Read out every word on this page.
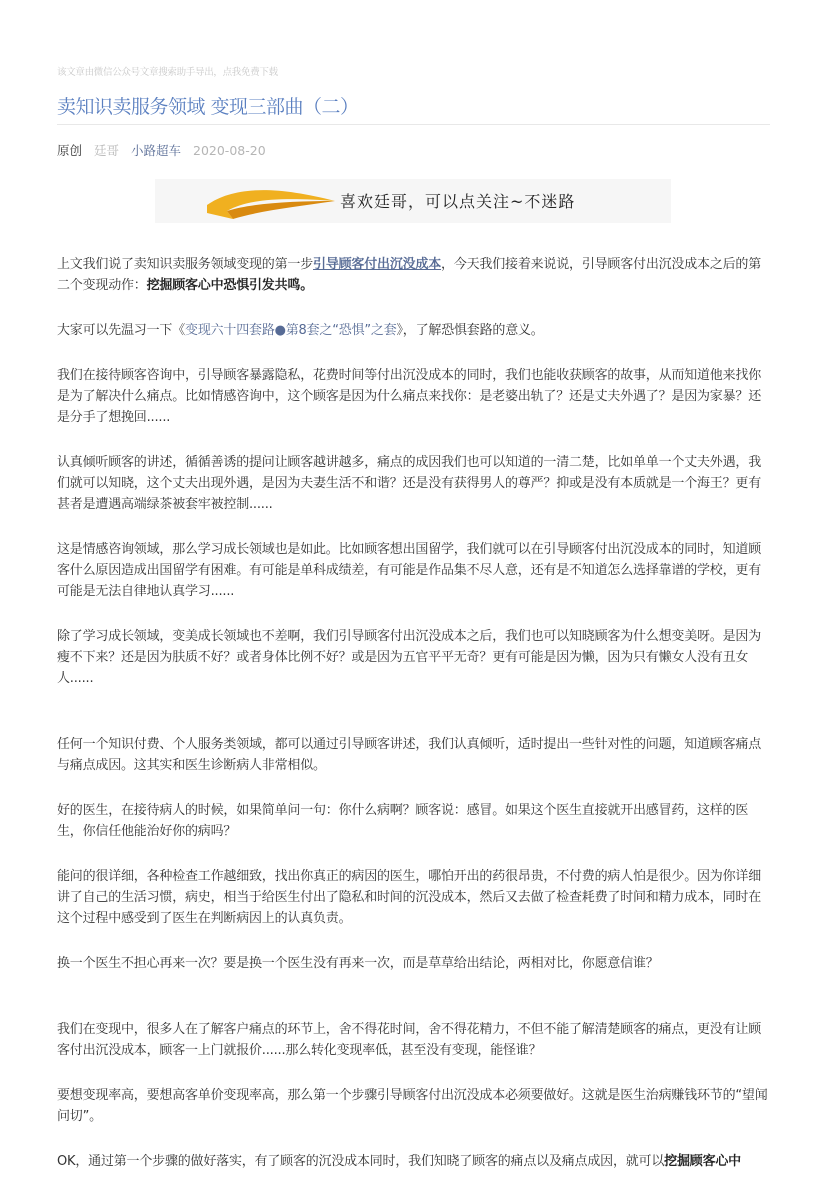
该文章由微信公众号文章搜索助手导出，点我免费下载
卖知识卖服务领域 变现三部曲（二）
原创 廷哥 小路超车 2020-08-20
喜欢廷哥，可以点关注~不迷路

上文我们说了卖知识卖服务领域变现的第一步引导顾客付出沉没成本，今天我们接着来说说，引导顾客付出沉没成本之后的第二个变现动作：挖掘顾客心中恐惧引发共鸣。

大家可以先温习一下《变现六十四套路●第8套之“恐惧”之套》，了解恐惧套路的意义。

我们在接待顾客咨询中，引导顾客暴露隐私，花费时间等付出沉没成本的同时，我们也能收获顾客的故事，从而知道他来找你是为了解决什么痛点。比如情感咨询中，这个顾客是因为什么痛点来找你：是老婆出轨了？还是丈夫外遇了？是因为家暴？还是分手了想挽回......

认真倾听顾客的讲述，循循善诱的提问让顾客越讲越多，痛点的成因我们也可以知道的一清二楚，比如单单一个丈夫外遇，我们就可以知晓，这个丈夫出现外遇，是因为夫妻生活不和谐？还是没有获得男人的尊严？抑或是没有本质就是一个海王？更有甚者是遭遇高端绿茶被套牢被控制......

这是情感咨询领域，那么学习成长领域也是如此。比如顾客想出国留学，我们就可以在引导顾客付出沉没成本的同时，知道顾客什么原因造成出国留学有困难。有可能是单科成绩差，有可能是作品集不尽人意，还有是不知道怎么选择靠谱的学校，更有可能是无法自律地认真学习......

除了学习成长领域，变美成长领域也不差啊，我们引导顾客付出沉没成本之后，我们也可以知晓顾客为什么想变美呀。是因为瘦不下来？还是因为肤质不好？或者身体比例不好？或是因为五官平平无奇？更有可能是因为懒，因为只有懒女人没有丑女人......

任何一个知识付费、个人服务类领域，都可以通过引导顾客讲述，我们认真倾听，适时提出一些针对性的问题，知道顾客痛点与痛点成因。这其实和医生诊断病人非常相似。

好的医生，在接待病人的时候，如果简单问一句：你什么病啊？顾客说：感冒。如果这个医生直接就开出感冒药，这样的医生，你信任他能治好你的病吗？

能问的很详细，各种检查工作越细致，找出你真正的病因的医生，哪怕开出的药很昂贵，不付费的病人怕是很少。因为你详细讲了自己的生活习惯，病史，相当于给医生付出了隐私和时间的沉没成本，然后又去做了检查耗费了时间和精力成本，同时在这个过程中感受到了医生在判断病因上的认真负责。

换一个医生不担心再来一次？要是换一个医生没有再来一次，而是草草给出结论，两相对比，你愿意信谁？

我们在变现中，很多人在了解客户痛点的环节上，舍不得花时间，舍不得花精力，不但不能了解清楚顾客的痛点，更没有让顾客付出沉没成本，顾客一上门就报价......那么转化变现率低，甚至没有变现，能怪谁？

要想变现率高，要想高客单价变现率高，那么第一个步骤引导顾客付出沉没成本必须要做好。这就是医生治病赚钱环节的“望闻问切”。

OK，通过第一个步骤的做好落实，有了顾客的沉没成本同时，我们知晓了顾客的痛点以及痛点成因，就可以挖掘顾客心中
